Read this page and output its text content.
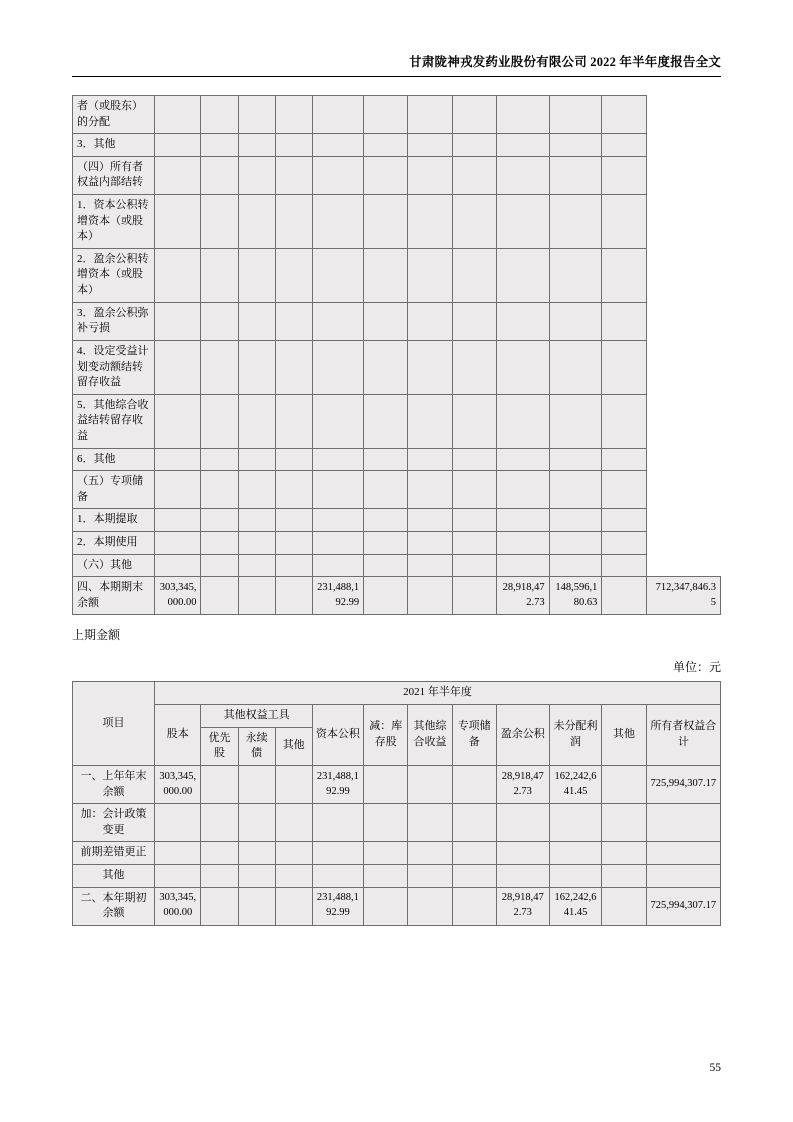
甘肃陇神戎发药业股份有限公司 2022 年半年度报告全文
者（或股东）的分配												
3．其他												
（四）所有者权益内部结转												
1．资本公积转增资本（或股本）												
2．盈余公积转增资本（或股本）												
3．盈余公积弥补亏损												
4．设定受益计划变动额结转留存收益												
5．其他综合收益结转留存收益												
6．其他												
（五）专项储备												
1．本期提取												
2．本期使用												
（六）其他												
四、本期期末余额	303,345,000.00				231,488,192.99				28,918,472.73	148,596,180.63		712,347,846.35
上期金额
单位：元
项目	2021 年半年度											
	股本	其他权益工具			资本公积	减：库存股	其他综合收益	专项储备	盈余公积	未分配利润	其他	所有者权益合计
		优先股	永续债	其他								
一、上年年末余额	303,345,000.00				231,488,192.99				28,918,472.73	162,242,641.45		725,994,307.17
加：会计政策变更												
前期差错更正												
其他												
二、本年期初余额	303,345,000.00				231,488,192.99				28,918,472.73	162,242,641.45		725,994,307.17
55
